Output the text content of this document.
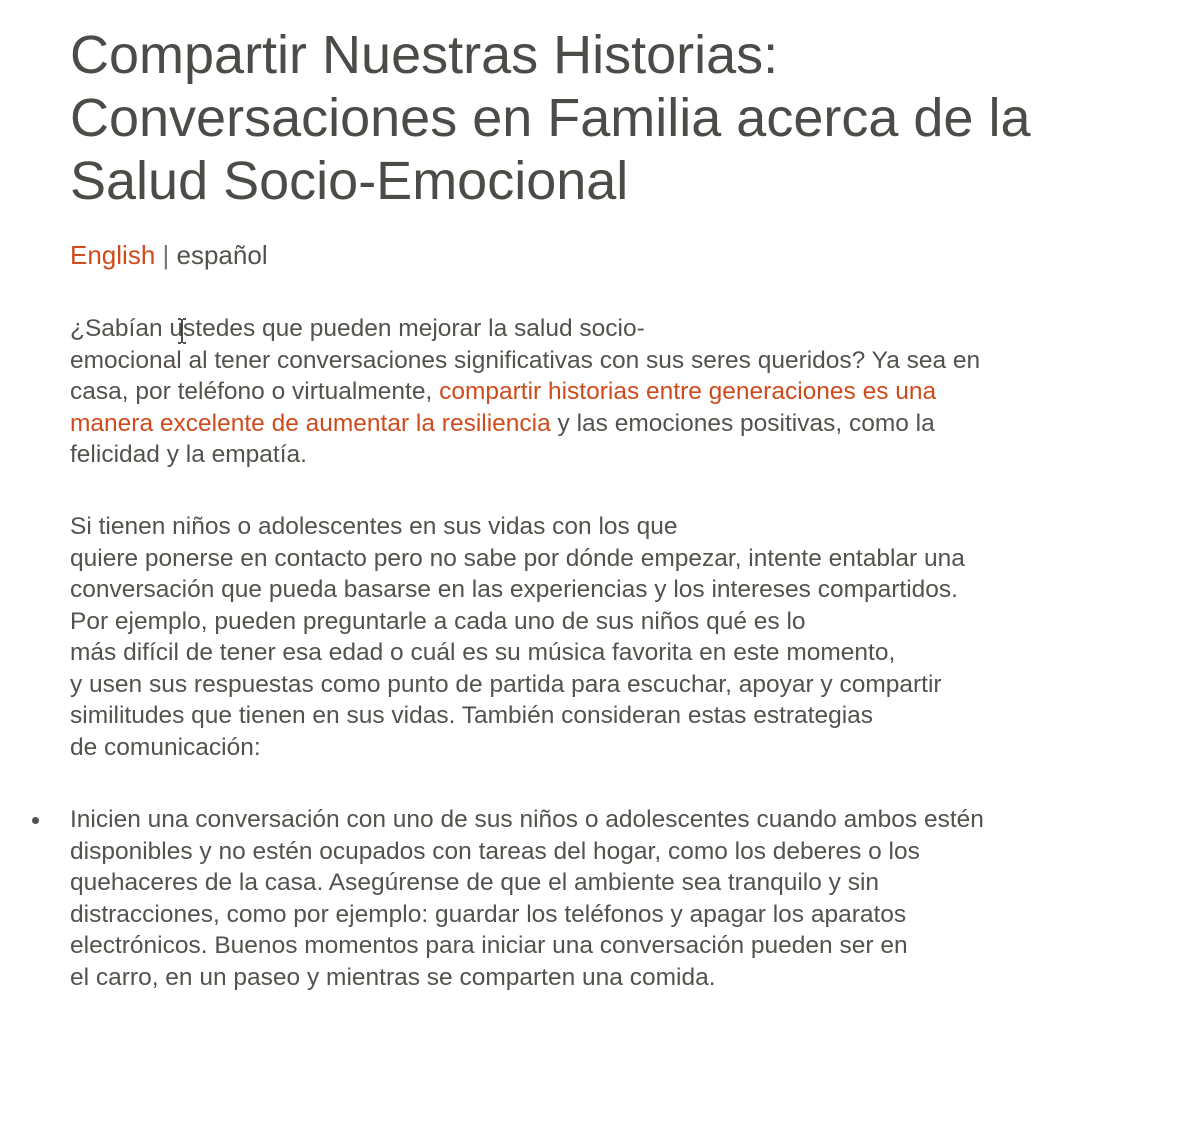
Compartir Nuestras Historias:
Conversaciones en Familia acerca de la
Salud Socio-Emocional
English | español

¿Sabían ustedes que pueden mejorar la salud socio-
emocional al tener conversaciones significativas con sus seres queridos? Ya sea en
casa, por teléfono o virtualmente, compartir historias entre generaciones es una
manera excelente de aumentar la resiliencia y las emociones positivas, como la
felicidad y la empatía.

Si tienen niños o adolescentes en sus vidas con los que
quiere ponerse en contacto pero no sabe por dónde empezar, intente entablar una
conversación que pueda basarse en las experiencias y los intereses compartidos.
Por ejemplo, pueden preguntarle a cada uno de sus niños qué es lo
más difícil de tener esa edad o cuál es su música favorita en este momento,
y usen sus respuestas como punto de partida para escuchar, apoyar y compartir
similitudes que tienen en sus vidas. También consideran estas estrategias
de comunicación:

Inicien una conversación con uno de sus niños o adolescentes cuando ambos estén
disponibles y no estén ocupados con tareas del hogar, como los deberes o los
quehaceres de la casa. Asegúrense de que el ambiente sea tranquilo y sin
distracciones, como por ejemplo: guardar los teléfonos y apagar los aparatos
electrónicos. Buenos momentos para iniciar una conversación pueden ser en
el carro, en un paseo y mientras se comparten una comida.
